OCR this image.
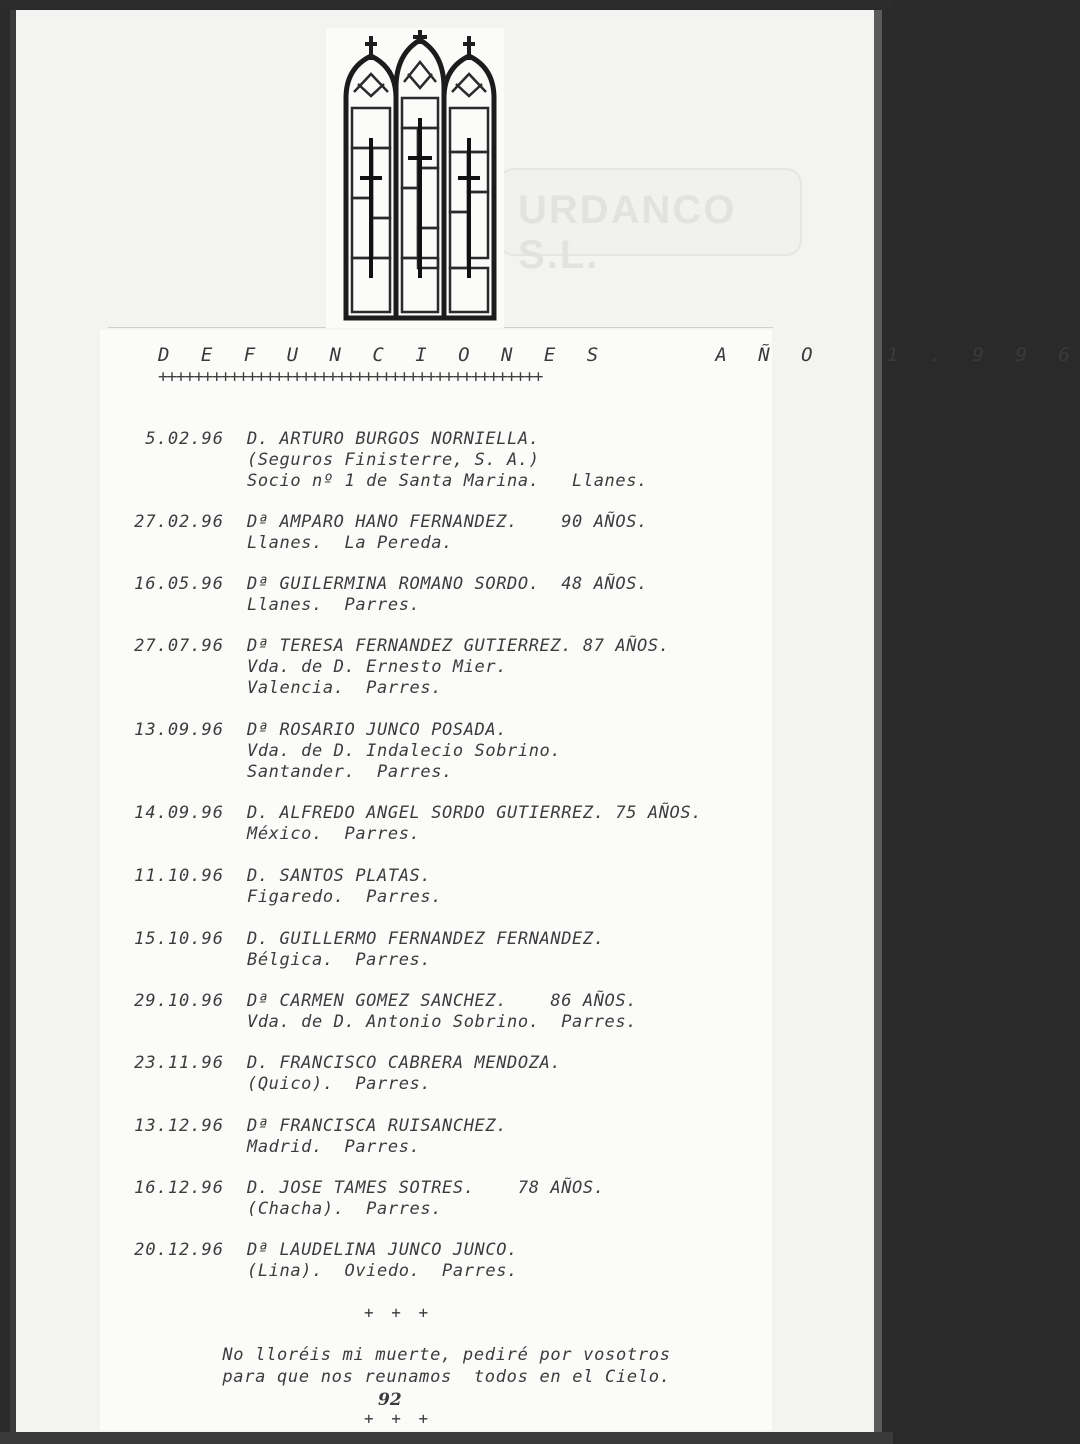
URDANCO S.L.
D E F U N C I O N E S     A Ñ O   1 . 9 9 6
+++++++++++++++++++++++++++++++++++++++++++
5.02.96 D. ARTURO BURGOS NORNIELLA.
(Seguros Finisterre, S. A.)
Socio nº 1 de Santa Marina.   Llanes.
27.02.96 Dª AMPARO HANO FERNANDEZ.    90 AÑOS.
Llanes.  La Pereda.
16.05.96 Dª GUILERMINA ROMANO SORDO.  48 AÑOS.
Llanes.  Parres.
27.07.96 Dª TERESA FERNANDEZ GUTIERREZ. 87 AÑOS.
Vda. de D. Ernesto Mier.
Valencia.  Parres.
13.09.96 Dª ROSARIO JUNCO POSADA.
Vda. de D. Indalecio Sobrino.
Santander.  Parres.
14.09.96 D. ALFREDO ANGEL SORDO GUTIERREZ. 75 AÑOS.
México.  Parres.
11.10.96 D. SANTOS PLATAS.
Figaredo.  Parres.
15.10.96 D. GUILLERMO FERNANDEZ FERNANDEZ.
Bélgica.  Parres.
29.10.96 Dª CARMEN GOMEZ SANCHEZ.    86 AÑOS.
Vda. de D. Antonio Sobrino.  Parres.
23.11.96 D. FRANCISCO CABRERA MENDOZA.
(Quico).  Parres.
13.12.96 Dª FRANCISCA RUISANCHEZ.
Madrid.  Parres.
16.12.96 D. JOSE TAMES SOTRES.    78 AÑOS.
(Chacha).  Parres.
20.12.96 Dª LAUDELINA JUNCO JUNCO.
(Lina).  Oviedo.  Parres.
+ + +
No lloréis mi muerte, pediré por vosotros
para que nos reunamos  todos en el Cielo.
92
+ + +
